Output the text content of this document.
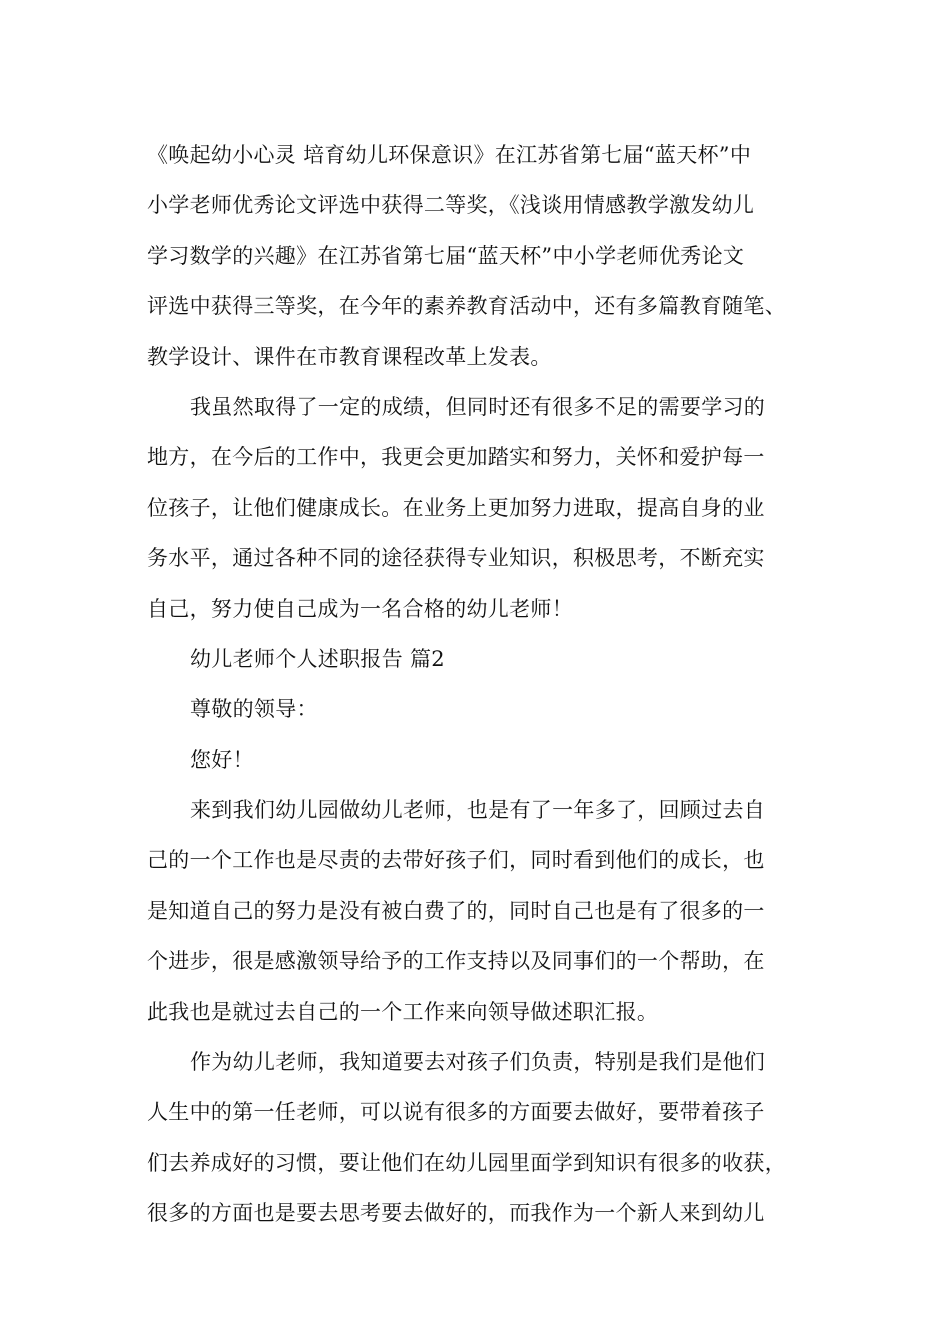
《唤起幼小心灵 培育幼儿环保意识》在江苏省第七届“蓝天杯”中
小学老师优秀论文评选中获得二等奖，《浅谈用情感教学激发幼儿
学习数学的兴趣》在江苏省第七届“蓝天杯”中小学老师优秀论文
评选中获得三等奖，在今年的素养教育活动中，还有多篇教育随笔、
教学设计、课件在市教育课程改革上发表。
我虽然取得了一定的成绩，但同时还有很多不足的需要学习的
地方，在今后的工作中，我更会更加踏实和努力，关怀和爱护每一
位孩子，让他们健康成长。在业务上更加努力进取，提高自身的业
务水平，通过各种不同的途径获得专业知识，积极思考，不断充实
自己，努力使自己成为一名合格的幼儿老师！
幼儿老师个人述职报告 篇2
尊敬的领导：
您好！
来到我们幼儿园做幼儿老师，也是有了一年多了，回顾过去自
己的一个工作也是尽责的去带好孩子们，同时看到他们的成长，也
是知道自己的努力是没有被白费了的，同时自己也是有了很多的一
个进步，很是感激领导给予的工作支持以及同事们的一个帮助，在
此我也是就过去自己的一个工作来向领导做述职汇报。
作为幼儿老师，我知道要去对孩子们负责，特别是我们是他们
人生中的第一任老师，可以说有很多的方面要去做好，要带着孩子
们去养成好的习惯，要让他们在幼儿园里面学到知识有很多的收获，
很多的方面也是要去思考要去做好的，而我作为一个新人来到幼儿
